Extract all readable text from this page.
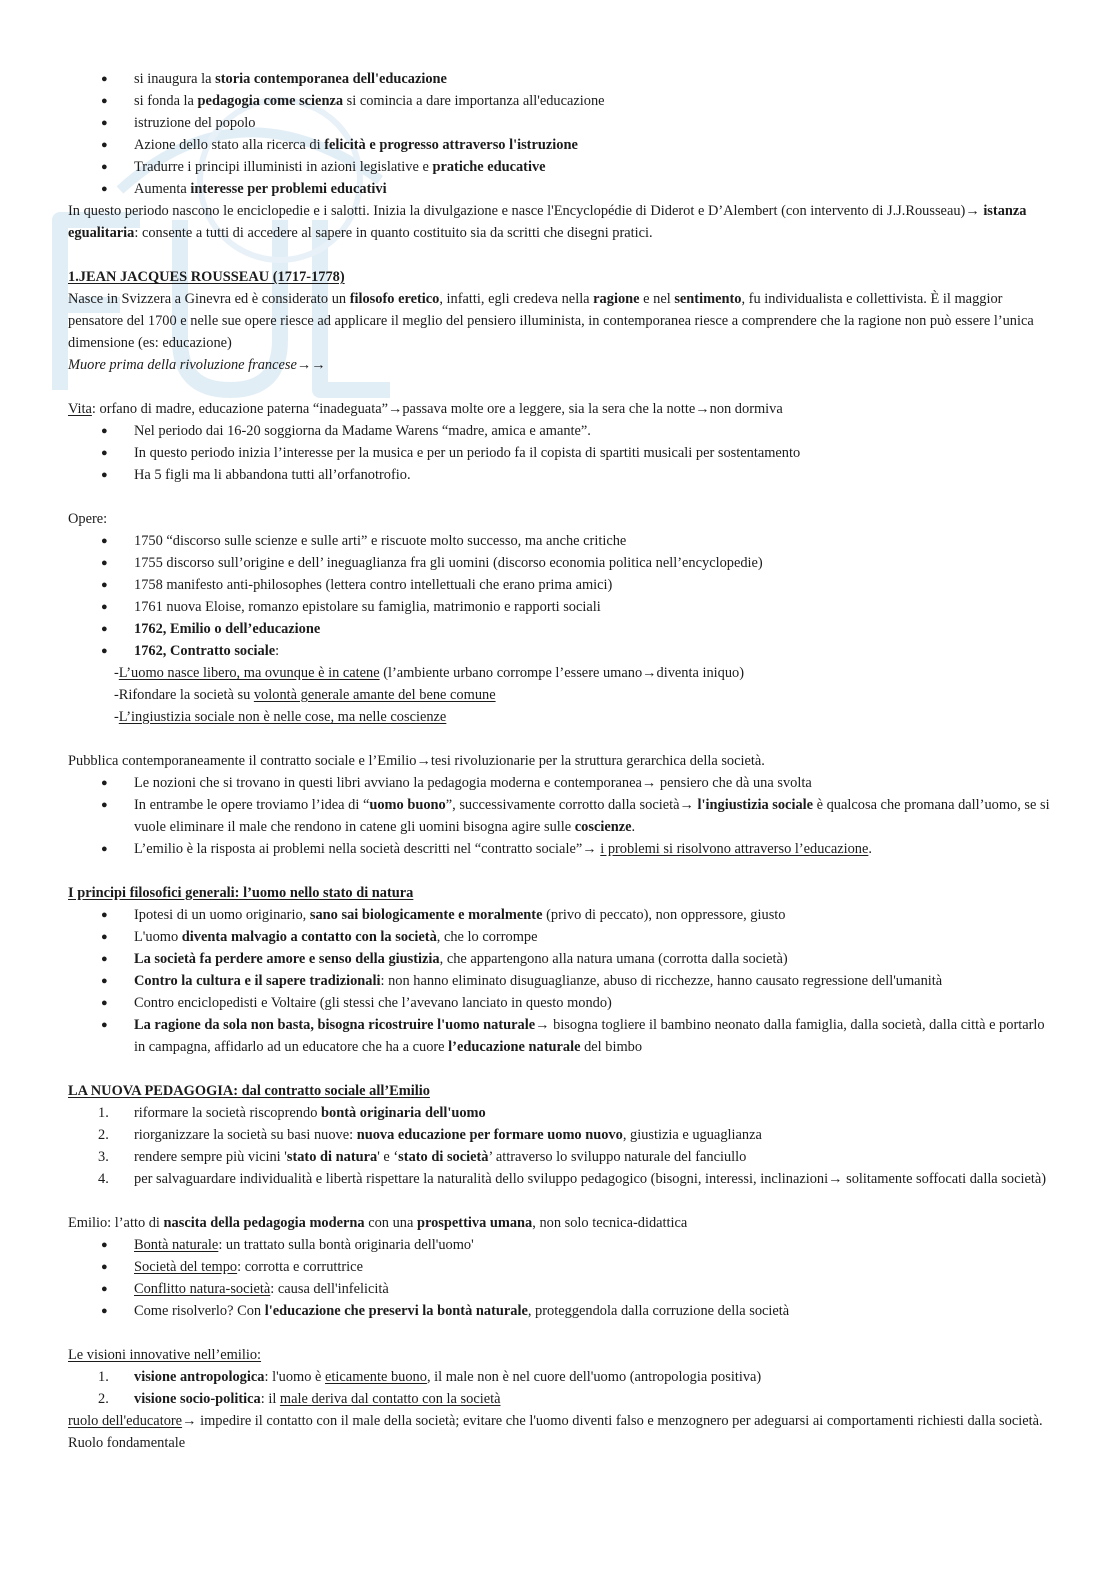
● si inaugura la storia contemporanea dell'educazione
● si fonda la pedagogia come scienza si comincia a dare importanza all'educazione
● istruzione del popolo
● Azione dello stato alla ricerca di felicità e progresso attraverso l'istruzione
● Tradurre i principi illuministi in azioni legislative e pratiche educative
● Aumenta interesse per problemi educativi

In questo periodo nascono le enciclopedie e i salotti. Inizia la divulgazione e nasce l'Encyclopédie di Diderot e D’Alembert (con intervento di J.J.Rousseau)→ istanza egualitaria: consente a tutti di accedere al sapere in quanto costituito sia da scritti che disegni pratici.

1.JEAN JACQUES ROUSSEAU (1717-1778)

Nasce in Svizzera a Ginevra ed è considerato un filosofo eretico, infatti, egli credeva nella ragione e nel sentimento, fu individualista e collettivista. È il maggior pensatore del 1700 e nelle sue opere riesce ad applicare il meglio del pensiero illuminista, in contemporanea riesce a comprendere che la ragione non può essere l’unica dimensione (es: educazione)

Muore prima della rivoluzione francese→→

Vita: orfano di madre, educazione paterna “inadeguata”→passava molte ore a leggere, sia la sera che la notte→non dormiva

● Nel periodo dai 16-20 soggiorna da Madame Warens “madre, amica e amante”.
● In questo periodo inizia l’interesse per la musica e per un periodo fa il copista di spartiti musicali per sostentamento
● Ha 5 figli ma li abbandona tutti all’orfanotrofio.

Opere:

● 1750 “discorso sulle scienze e sulle arti” e riscuote molto successo, ma anche critiche
● 1755 discorso sull’origine e dell’ ineguaglianza fra gli uomini (discorso economia politica nell’encyclopedie)
● 1758 manifesto anti-philosophes (lettera contro intellettuali che erano prima amici)
● 1761 nuova Eloise, romanzo epistolare su famiglia, matrimonio e rapporti sociali
● 1762, Emilio o dell’educazione
● 1762, Contratto sociale:

-L’uomo nasce libero, ma ovunque è in catene (l’ambiente urbano corrompe l’essere umano→diventa iniquo)

-Rifondare la società su volontà generale amante del bene comune

-L’ingiustizia sociale non è nelle cose, ma nelle coscienze

Pubblica contemporaneamente il contratto sociale e l’Emilio→tesi rivoluzionarie per la struttura gerarchica della società.

● Le nozioni che si trovano in questi libri avviano la pedagogia moderna e contemporanea→ pensiero che dà una svolta
● In entrambe le opere troviamo l’idea di “uomo buono”, successivamente corrotto dalla società→ l'ingiustizia sociale è qualcosa che promana dall’uomo, se si vuole eliminare il male che rendono in catene gli uomini bisogna agire sulle coscienze.
● L’emilio è la risposta ai problemi nella società descritti nel “contratto sociale”→ i problemi si risolvono attraverso l’educazione.

I principi filosofici generali: l’uomo nello stato di natura

● Ipotesi di un uomo originario, sano sai biologicamente e moralmente (privo di peccato), non oppressore, giusto
● L'uomo diventa malvagio a contatto con la società, che lo corrompe
● La società fa perdere amore e senso della giustizia, che appartengono alla natura umana (corrotta dalla società)
● Contro la cultura e il sapere tradizionali: non hanno eliminato disuguaglianze, abuso di ricchezze, hanno causato regressione dell'umanità
● Contro enciclopedisti e Voltaire (gli stessi che l’avevano lanciato in questo mondo)
● La ragione da sola non basta, bisogna ricostruire l'uomo naturale→ bisogna togliere il bambino neonato dalla famiglia, dalla società, dalla città e portarlo in campagna, affidarlo ad un educatore che ha a cuore l’educazione naturale del bimbo

LA NUOVA PEDAGOGIA: dal contratto sociale all’Emilio

1. riformare la società riscoprendo bontà originaria dell'uomo
2. riorganizzare la società su basi nuove: nuova educazione per formare uomo nuovo, giustizia e uguaglianza
3. rendere sempre più vicini 'stato di natura' e ‘stato di società’ attraverso lo sviluppo naturale del fanciullo
4. per salvaguardare individualità e libertà rispettare la naturalità dello sviluppo pedagogico (bisogni, interessi, inclinazioni→ solitamente soffocati dalla società)

Emilio: l’atto di nascita della pedagogia moderna con una prospettiva umana, non solo tecnica-didattica

● Bontà naturale: un trattato sulla bontà originaria dell'uomo'
● Società del tempo: corrotta e corruttrice
● Conflitto natura-società: causa dell'infelicità
● Come risolverlo? Con l'educazione che preservi la bontà naturale, proteggendola dalla corruzione della società

Le visioni innovative nell’emilio:

1. visione antropologica: l'uomo è eticamente buono, il male non è nel cuore dell'uomo (antropologia positiva)
2. visione socio-politica: il male deriva dal contatto con la società

ruolo dell'educatore→ impedire il contatto con il male della società; evitare che l'uomo diventi falso e menzognero per adeguarsi ai comportamenti richiesti dalla società. Ruolo fondamentale
